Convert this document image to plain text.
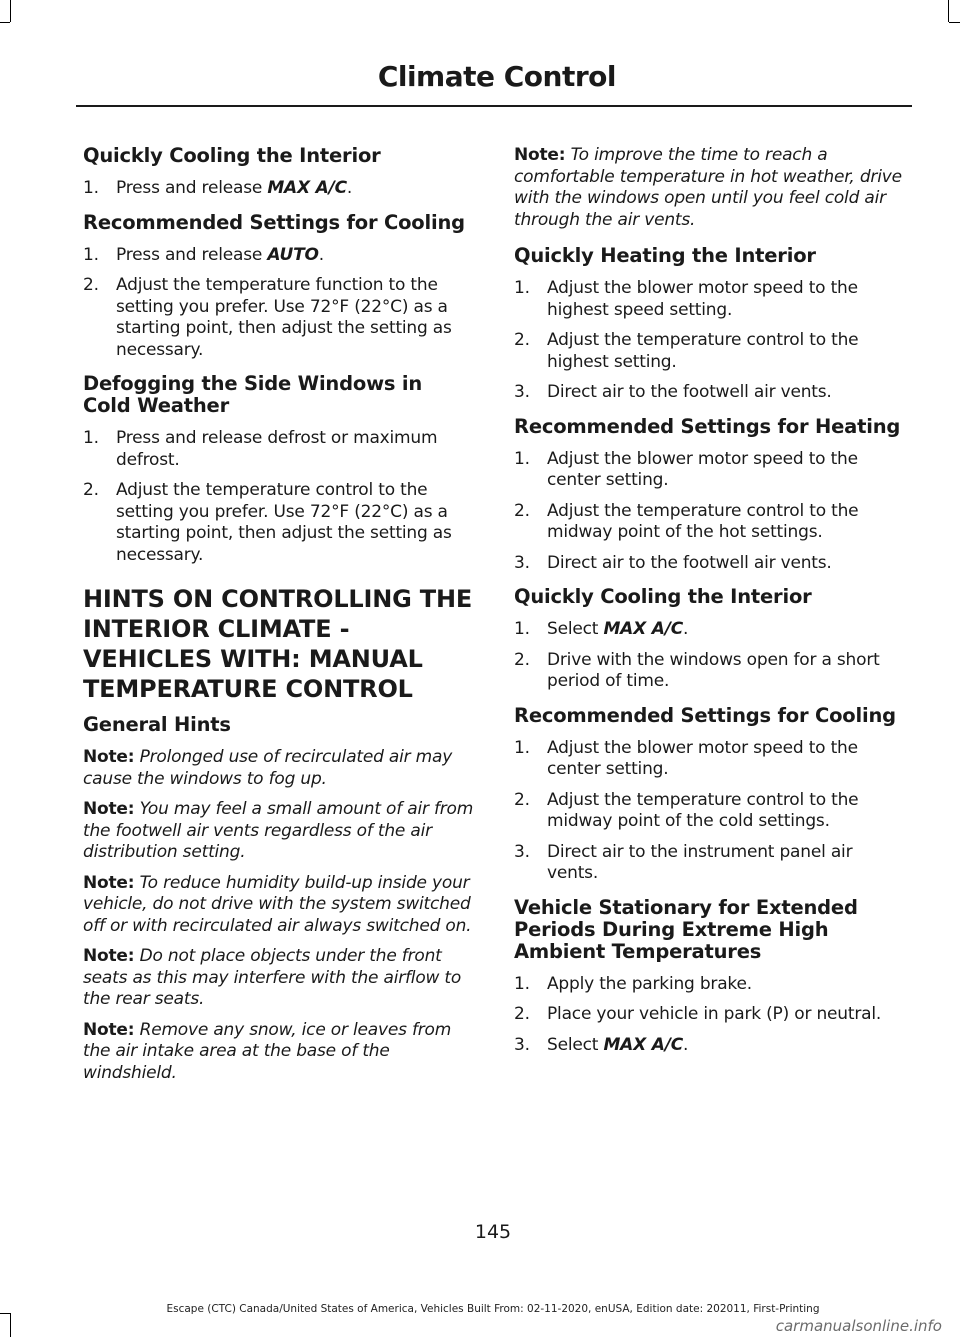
Climate Control
Quickly Cooling the Interior
1. Press and release MAX A/C.
Recommended Settings for Cooling
1. Press and release AUTO.
2. Adjust the temperature function to the setting you prefer. Use 72°F (22°C) as a starting point, then adjust the setting as necessary.
Defogging the Side Windows in Cold Weather
1. Press and release defrost or maximum defrost.
2. Adjust the temperature control to the setting you prefer. Use 72°F (22°C) as a starting point, then adjust the setting as necessary.
HINTS ON CONTROLLING THE INTERIOR CLIMATE - VEHICLES WITH: MANUAL TEMPERATURE CONTROL
General Hints

Note: Prolonged use of recirculated air may cause the windows to fog up.

Note: You may feel a small amount of air from the footwell air vents regardless of the air distribution setting.

Note: To reduce humidity build-up inside your vehicle, do not drive with the system switched off or with recirculated air always switched on.

Note: Do not place objects under the front seats as this may interfere with the airflow to the rear seats.

Note: Remove any snow, ice or leaves from the air intake area at the base of the windshield.

Note: To improve the time to reach a comfortable temperature in hot weather, drive with the windows open until you feel cold air through the air vents.

Quickly Heating the Interior
1. Adjust the blower motor speed to the highest speed setting.
2. Adjust the temperature control to the highest setting.
3. Direct air to the footwell air vents.
Recommended Settings for Heating
1. Adjust the blower motor speed to the center setting.
2. Adjust the temperature control to the midway point of the hot settings.
3. Direct air to the footwell air vents.
Quickly Cooling the Interior
1. Select MAX A/C.
2. Drive with the windows open for a short period of time.
Recommended Settings for Cooling
1. Adjust the blower motor speed to the center setting.
2. Adjust the temperature control to the midway point of the cold settings.
3. Direct air to the instrument panel air vents.
Vehicle Stationary for Extended Periods During Extreme High Ambient Temperatures
1. Apply the parking brake.
2. Place your vehicle in park (P) or neutral.
3. Select MAX A/C.
145
Escape (CTC) Canada/United States of America, Vehicles Built From: 02-11-2020, enUSA, Edition date: 202011, First-Printing
carmanualsonline.info
